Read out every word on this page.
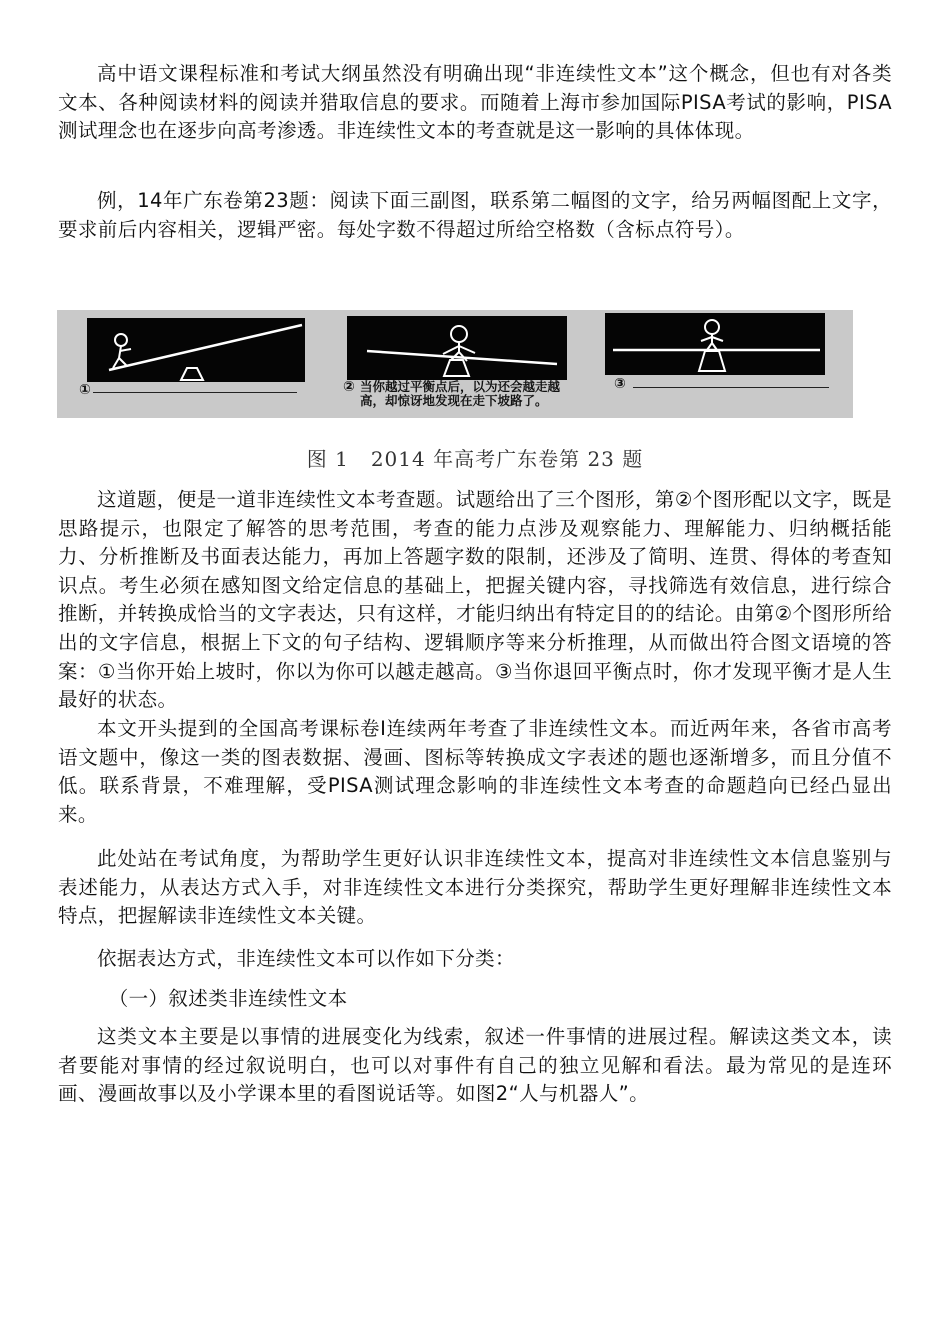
高中语文课程标准和考试大纲虽然没有明确出现“非连续性文本”这个概念，但也有对各类文本、各种阅读材料的阅读并猎取信息的要求。而随着上海市参加国际PISA考试的影响，PISA测试理念也在逐步向高考渗透。非连续性文本的考查就是这一影响的具体体现。

例，14年广东卷第23题：阅读下面三副图，联系第二幅图的文字，给另两幅图配上文字，要求前后内容相关，逻辑严密。每处字数不得超过所给空格数（含标点符号）。

①	② 当你越过平衡点后，以为还会越走越高，却惊讶地发现在走下坡路了。
③
图 1 2014 年高考广东卷第 23 题

这道题，便是一道非连续性文本考查题。试题给出了三个图形，第②个图形配以文字，既是思路提示，也限定了解答的思考范围，考查的能力点涉及观察能力、理解能力、归纳概括能力、分析推断及书面表达能力，再加上答题字数的限制，还涉及了简明、连贯、得体的考查知识点。考生必须在感知图文给定信息的基础上，把握关键内容，寻找筛选有效信息，进行综合推断，并转换成恰当的文字表达，只有这样，才能归纳出有特定目的的结论。由第②个图形所给出的文字信息，根据上下文的句子结构、逻辑顺序等来分析推理，从而做出符合图文语境的答案：①当你开始上坡时，你以为你可以越走越高。③当你退回平衡点时，你才发现平衡才是人生最好的状态。

本文开头提到的全国高考课标卷Ⅰ连续两年考查了非连续性文本。而近两年来，各省市高考语文题中，像这一类的图表数据、漫画、图标等转换成文字表述的题也逐渐增多，而且分值不低。联系背景，不难理解，受PISA测试理念影响的非连续性文本考查的命题趋向已经凸显出来。

此处站在考试角度，为帮助学生更好认识非连续性文本，提高对非连续性文本信息鉴别与表述能力，从表达方式入手，对非连续性文本进行分类探究，帮助学生更好理解非连续性文本特点，把握解读非连续性文本关键。

依据表达方式，非连续性文本可以作如下分类：

（一）叙述类非连续性文本

这类文本主要是以事情的进展变化为线索，叙述一件事情的进展过程。解读这类文本，读者要能对事情的经过叙说明白，也可以对事件有自己的独立见解和看法。最为常见的是连环画、漫画故事以及小学课本里的看图说话等。如图2“人与机器人”。
